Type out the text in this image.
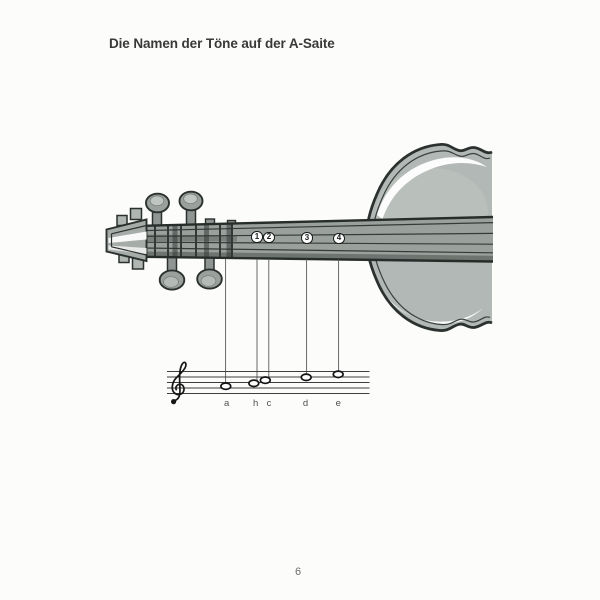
Die Namen der Töne auf der A-Saite
1 2	3	4
a h c	d	e
6
